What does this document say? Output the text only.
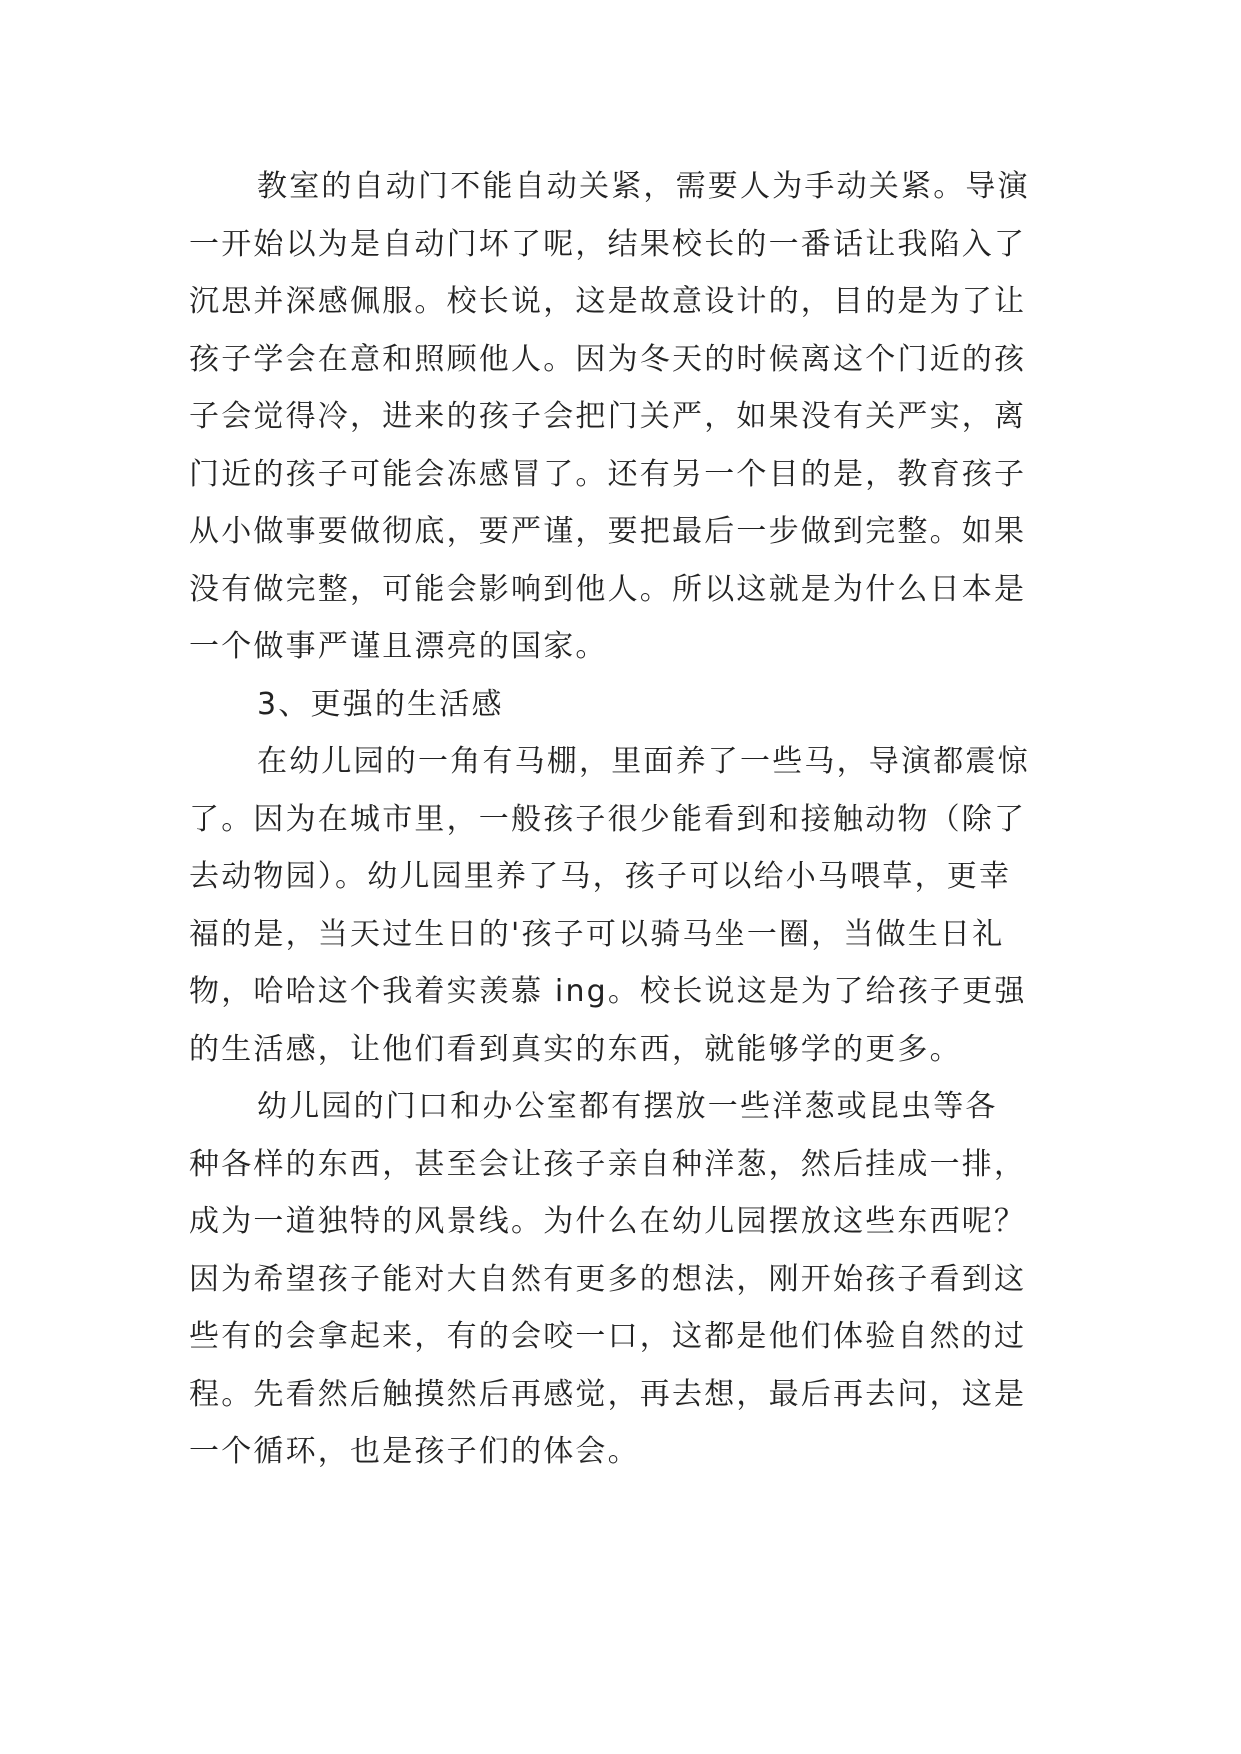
教室的自动门不能自动关紧，需要人为手动关紧。导演
一开始以为是自动门坏了呢，结果校长的一番话让我陷入了
沉思并深感佩服。校长说，这是故意设计的，目的是为了让
孩子学会在意和照顾他人。因为冬天的时候离这个门近的孩
子会觉得冷，进来的孩子会把门关严，如果没有关严实，离
门近的孩子可能会冻感冒了。还有另一个目的是，教育孩子
从小做事要做彻底，要严谨，要把最后一步做到完整。如果
没有做完整，可能会影响到他人。所以这就是为什么日本是
一个做事严谨且漂亮的国家。
3、更强的生活感
在幼儿园的一角有马棚，里面养了一些马，导演都震惊
了。因为在城市里，一般孩子很少能看到和接触动物（除了
去动物园）。幼儿园里养了马，孩子可以给小马喂草，更幸
福的是，当天过生日的'孩子可以骑马坐一圈，当做生日礼
物，哈哈这个我着实羡慕 ing。校长说这是为了给孩子更强
的生活感，让他们看到真实的东西，就能够学的更多。
幼儿园的门口和办公室都有摆放一些洋葱或昆虫等各
种各样的东西，甚至会让孩子亲自种洋葱，然后挂成一排，
成为一道独特的风景线。为什么在幼儿园摆放这些东西呢？
因为希望孩子能对大自然有更多的想法，刚开始孩子看到这
些有的会拿起来，有的会咬一口，这都是他们体验自然的过
程。先看然后触摸然后再感觉，再去想，最后再去问，这是
一个循环，也是孩子们的体会。
